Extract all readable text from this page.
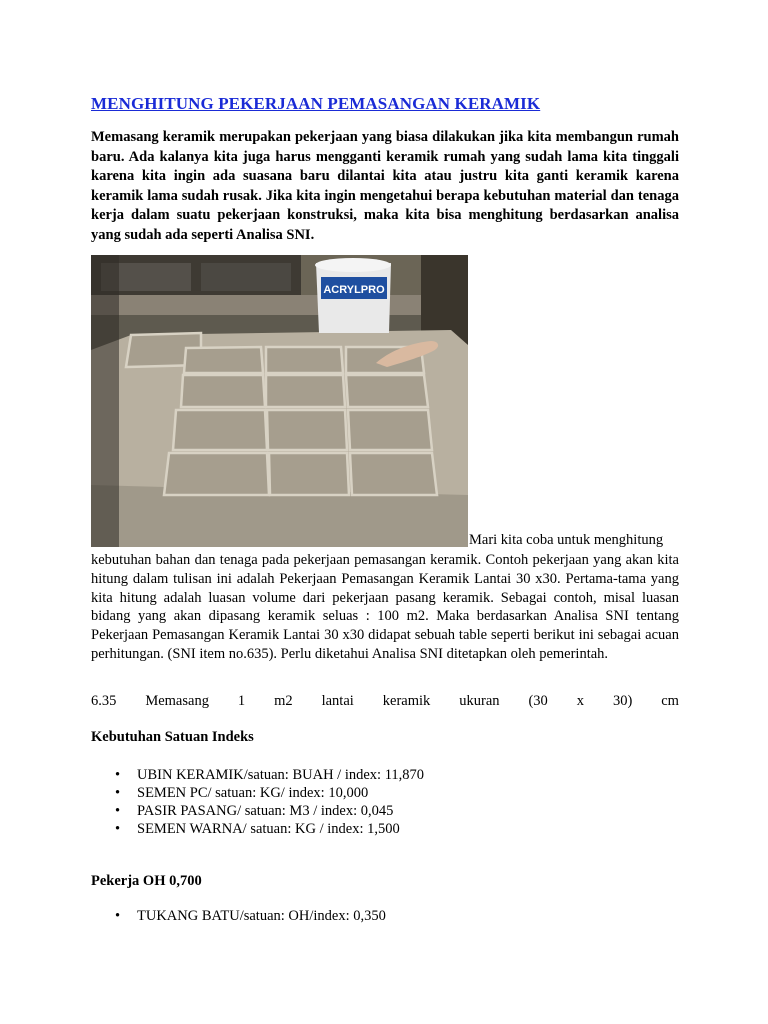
MENGHITUNG PEKERJAAN PEMASANGAN KERAMIK

Memasang keramik merupakan pekerjaan yang biasa dilakukan jika kita membangun rumah baru. Ada kalanya kita juga harus mengganti keramik rumah yang sudah lama kita tinggali karena kita ingin ada suasana baru dilantai kita atau justru kita ganti keramik karena keramik lama sudah rusak. Jika kita ingin mengetahui berapa kebutuhan material dan tenaga kerja dalam suatu pekerjaan konstruksi, maka kita bisa menghitung berdasarkan analisa yang sudah ada seperti Analisa SNI.

ACRYLPRO

Mari kita coba untuk menghitung

kebutuhan bahan dan tenaga pada pekerjaan pemasangan keramik. Contoh pekerjaan yang akan kita hitung dalam tulisan ini adalah Pekerjaan Pemasangan Keramik Lantai 30 x30. Pertama-tama yang kita hitung adalah luasan volume dari pekerjaan pasang keramik. Sebagai contoh, misal luasan bidang yang akan dipasang keramik seluas : 100 m2. Maka berdasarkan Analisa SNI tentang Pekerjaan Pemasangan Keramik Lantai 30 x30 didapat sebuah table seperti berikut ini sebagai acuan perhitungan. (SNI item no.635). Perlu diketahui Analisa SNI ditetapkan oleh pemerintah.

6.35 Memasang 1 m2 lantai keramik ukuran (30 x 30) cm
Kebutuhan Satuan Indeks
• UBIN KERAMIK/satuan: BUAH / index: 11,870
• SEMEN PC/ satuan: KG/ index: 10,000
• PASIR PASANG/ satuan: M3 / index: 0,045
• SEMEN WARNA/ satuan: KG / index: 1,500
Pekerja OH 0,700
• TUKANG BATU/satuan: OH/index: 0,350
